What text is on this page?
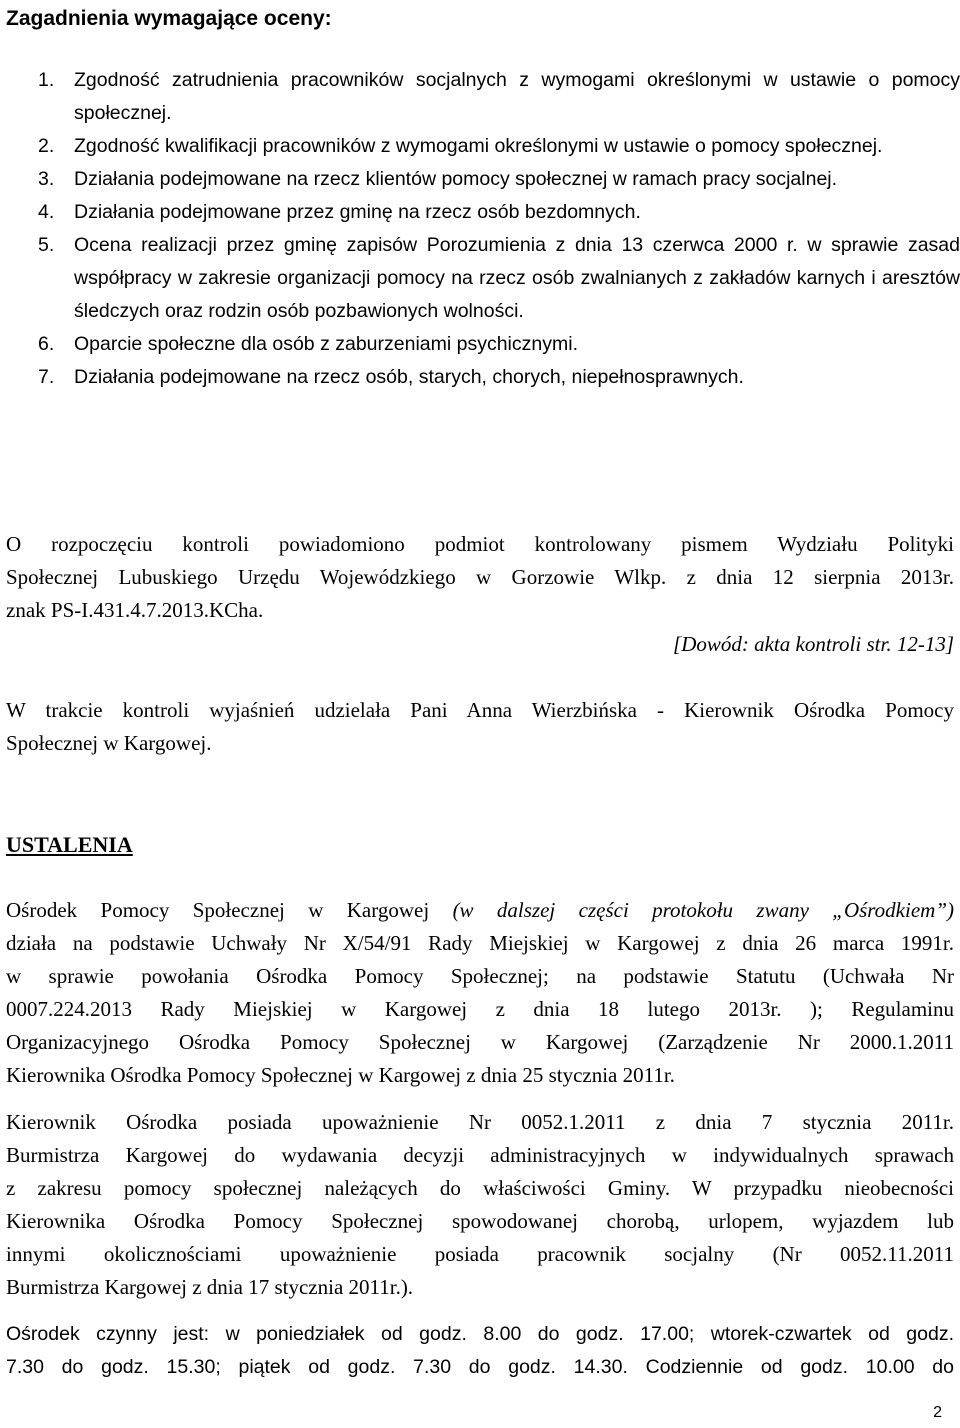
Zagadnienia wymagające oceny:
1. Zgodność zatrudnienia pracowników socjalnych z wymogami określonymi w ustawie o pomocy społecznej.
2. Zgodność kwalifikacji pracowników z wymogami określonymi w ustawie o pomocy społecznej.
3. Działania podejmowane na rzecz klientów pomocy społecznej w ramach pracy socjalnej.
4. Działania podejmowane przez gminę na rzecz osób bezdomnych.
5. Ocena realizacji przez gminę zapisów Porozumienia z dnia 13 czerwca 2000 r. w sprawie zasad współpracy w zakresie organizacji pomocy na rzecz osób zwalnianych z zakładów karnych i aresztów śledczych oraz rodzin osób pozbawionych wolności.
6. Oparcie społeczne dla osób z zaburzeniami psychicznymi.
7. Działania podejmowane na rzecz osób, starych, chorych, niepełnosprawnych.
O rozpoczęciu kontroli powiadomiono podmiot kontrolowany pismem Wydziału Polityki
Społecznej Lubuskiego Urzędu Wojewódzkiego w Gorzowie Wlkp. z dnia 12 sierpnia 2013r.
znak PS-I.431.4.7.2013.KCha.
[Dowód: akta kontroli str. 12-13]
W trakcie kontroli wyjaśnień udzielała Pani Anna Wierzbińska - Kierownik Ośrodka Pomocy
Społecznej w Kargowej.
USTALENIA
Ośrodek Pomocy Społecznej w Kargowej (w dalszej części protokołu zwany „Ośrodkiem”)
działa na podstawie Uchwały Nr X/54/91 Rady Miejskiej w Kargowej z dnia 26 marca 1991r.
w sprawie powołania Ośrodka Pomocy Społecznej; na podstawie Statutu (Uchwała Nr
0007.224.2013 Rady Miejskiej w Kargowej z dnia 18 lutego 2013r. ); Regulaminu
Organizacyjnego Ośrodka Pomocy Społecznej w Kargowej (Zarządzenie Nr 2000.1.2011
Kierownika Ośrodka Pomocy Społecznej w Kargowej z dnia 25 stycznia 2011r.
Kierownik Ośrodka posiada upoważnienie Nr 0052.1.2011 z dnia 7 stycznia 2011r.
Burmistrza Kargowej do wydawania decyzji administracyjnych w indywidualnych sprawach
z zakresu pomocy społecznej należących do właściwości Gminy. W przypadku nieobecności
Kierownika Ośrodka Pomocy Społecznej spowodowanej chorobą, urlopem, wyjazdem lub
innymi okolicznościami upoważnienie posiada pracownik socjalny (Nr 0052.11.2011
Burmistrza Kargowej z dnia 17 stycznia 2011r.).
Ośrodek czynny jest: w poniedziałek od godz. 8.00 do godz. 17.00; wtorek-czwartek od godz.
7.30 do godz. 15.30; piątek od godz. 7.30 do godz. 14.30. Codziennie od godz. 10.00 do
2
